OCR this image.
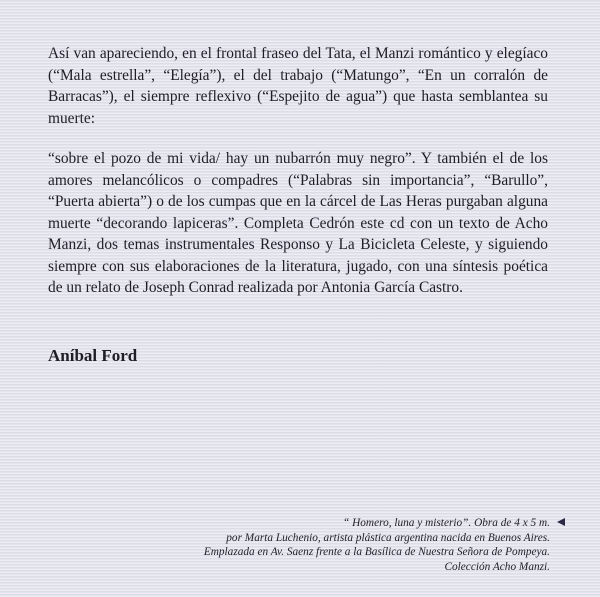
Así van apareciendo, en el frontal fraseo del Tata, el Manzi romántico y elegíaco (“Mala estrella”, “Elegía”), el del trabajo (“Matungo”, “En un corralón de Barracas”), el siempre reflexivo (“Espejito de agua”) que hasta semblantea su muerte:

“sobre el pozo de mi vida/ hay un nubarrón muy negro”. Y también el de los amores melancólicos o compadres (“Palabras sin importancia”, “Barullo”, “Puerta abierta”) o de los cumpas que en la cárcel de Las Heras purgaban alguna muerte “decorando lapiceras”. Completa Cedrón este cd con un texto de Acho Manzi, dos temas instrumentales Responso y La Bicicleta Celeste, y siguiendo siempre con sus elaboraciones de la literatura, jugado, con una síntesis poética de un relato de Joseph Conrad realizada por Antonia García Castro.

Aníbal Ford

“ Homero, luna y misterio”. Obra de 4 x 5 m.
por Marta Luchenio, artista plástica argentina nacida en Buenos Aires.
Emplazada en Av. Saenz frente a la Basílica de Nuestra Señora de Pompeya.
Colección Acho Manzi.
